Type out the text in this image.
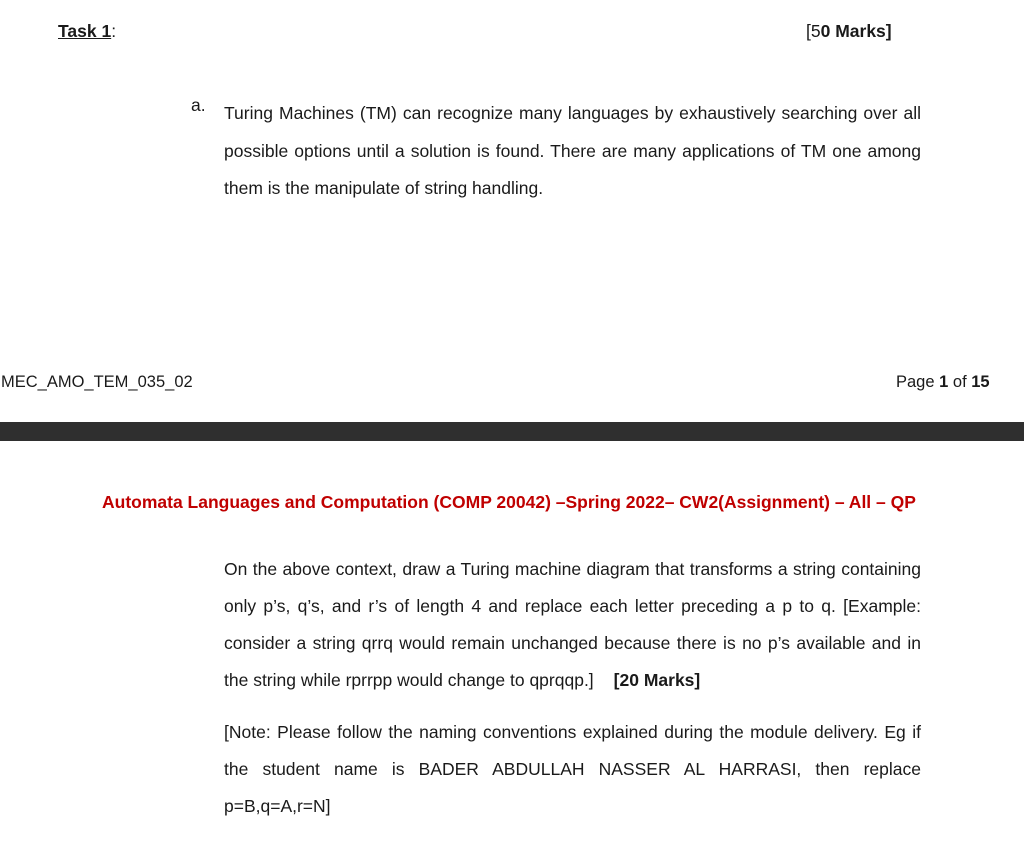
Task 1:	[50 Marks]
a. Turing Machines (TM) can recognize many languages by exhaustively searching over all possible options until a solution is found. There are many applications of TM one among them is the manipulate of string handling.
MEC_AMO_TEM_035_02	Page 1 of 15
Automata Languages and Computation (COMP 20042) –Spring 2022– CW2(Assignment) – All – QP
On the above context, draw a Turing machine diagram that transforms a string containing only p’s, q’s, and r’s of length 4 and replace each letter preceding a p to q. [Example: consider a string qrrq would remain unchanged because there is no p’s available and in the string while rprrpp would change to qprqqp.] [20 Marks]
[Note: Please follow the naming conventions explained during the module delivery. Eg if the student name is BADER ABDULLAH NASSER AL HARRASI, then replace p=B,q=A,r=N]
